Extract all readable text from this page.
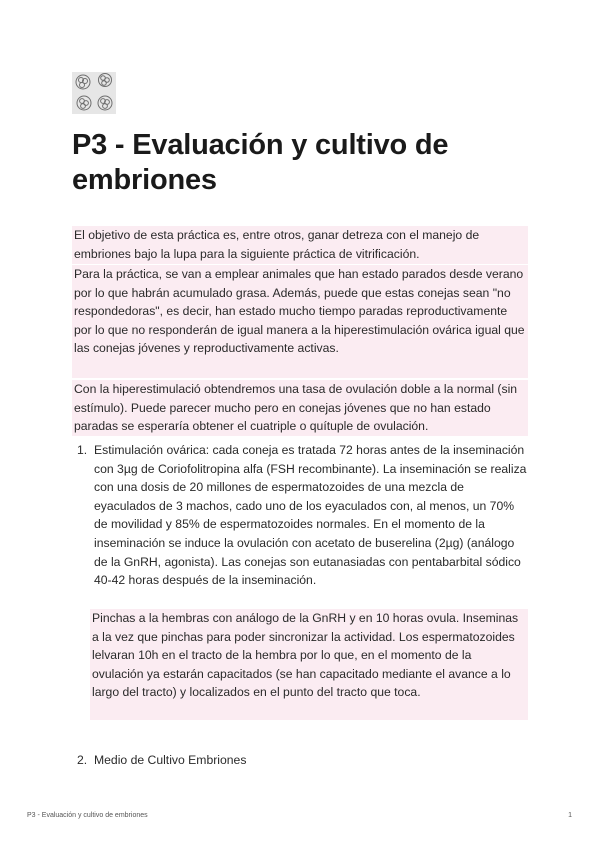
P3 - Evaluación y cultivo de embriones
El objetivo de esta práctica es, entre otros, ganar detreza con el manejo de embriones bajo la lupa para la siguiente práctica de vitrificación.
Para la práctica, se van a emplear animales que han estado parados desde verano por lo que habrán acumulado grasa. Además, puede que estas conejas sean "no respondedoras", es decir, han estado mucho tiempo paradas reproductivamente por lo que no responderán de igual manera a la hiperestimulación ovárica igual que las conejas jóvenes y reproductivamente activas.
Con la hiperestimulació obtendremos una tasa de ovulación doble a la normal (sin estímulo). Puede parecer mucho pero en conejas jóvenes que no han estado paradas se esperaría obtener el cuatriple o quítuple de ovulación.
1. Estimulación ovárica: cada coneja es tratada 72 horas antes de la inseminación con 3µg de Coriofolitropina alfa (FSH recombinante). La inseminación se realiza con una dosis de 20 millones de espermatozoides de una mezcla de eyaculados de 3 machos, cado uno de los eyaculados con, al menos, un 70% de movilidad y 85% de espermatozoides normales. En el momento de la inseminación se induce la ovulación con acetato de buserelina (2µg) (análogo de la GnRH, agonista). Las conejas son eutanasiadas con pentabarbital sódico 40-42 horas después de la inseminación.
Pinchas a la hembras con análogo de la GnRH y en 10 horas ovula. Inseminas a la vez que pinchas para poder sincronizar la actividad. Los espermatozoides lelvaran 10h en el tracto de la hembra por lo que, en el momento de la ovulación ya estarán capacitados (se han capacitado mediante el avance a lo largo del tracto) y localizados en el punto del tracto que toca.
2. Medio de Cultivo Embriones
P3 - Evaluación y cultivo de embriones	1
